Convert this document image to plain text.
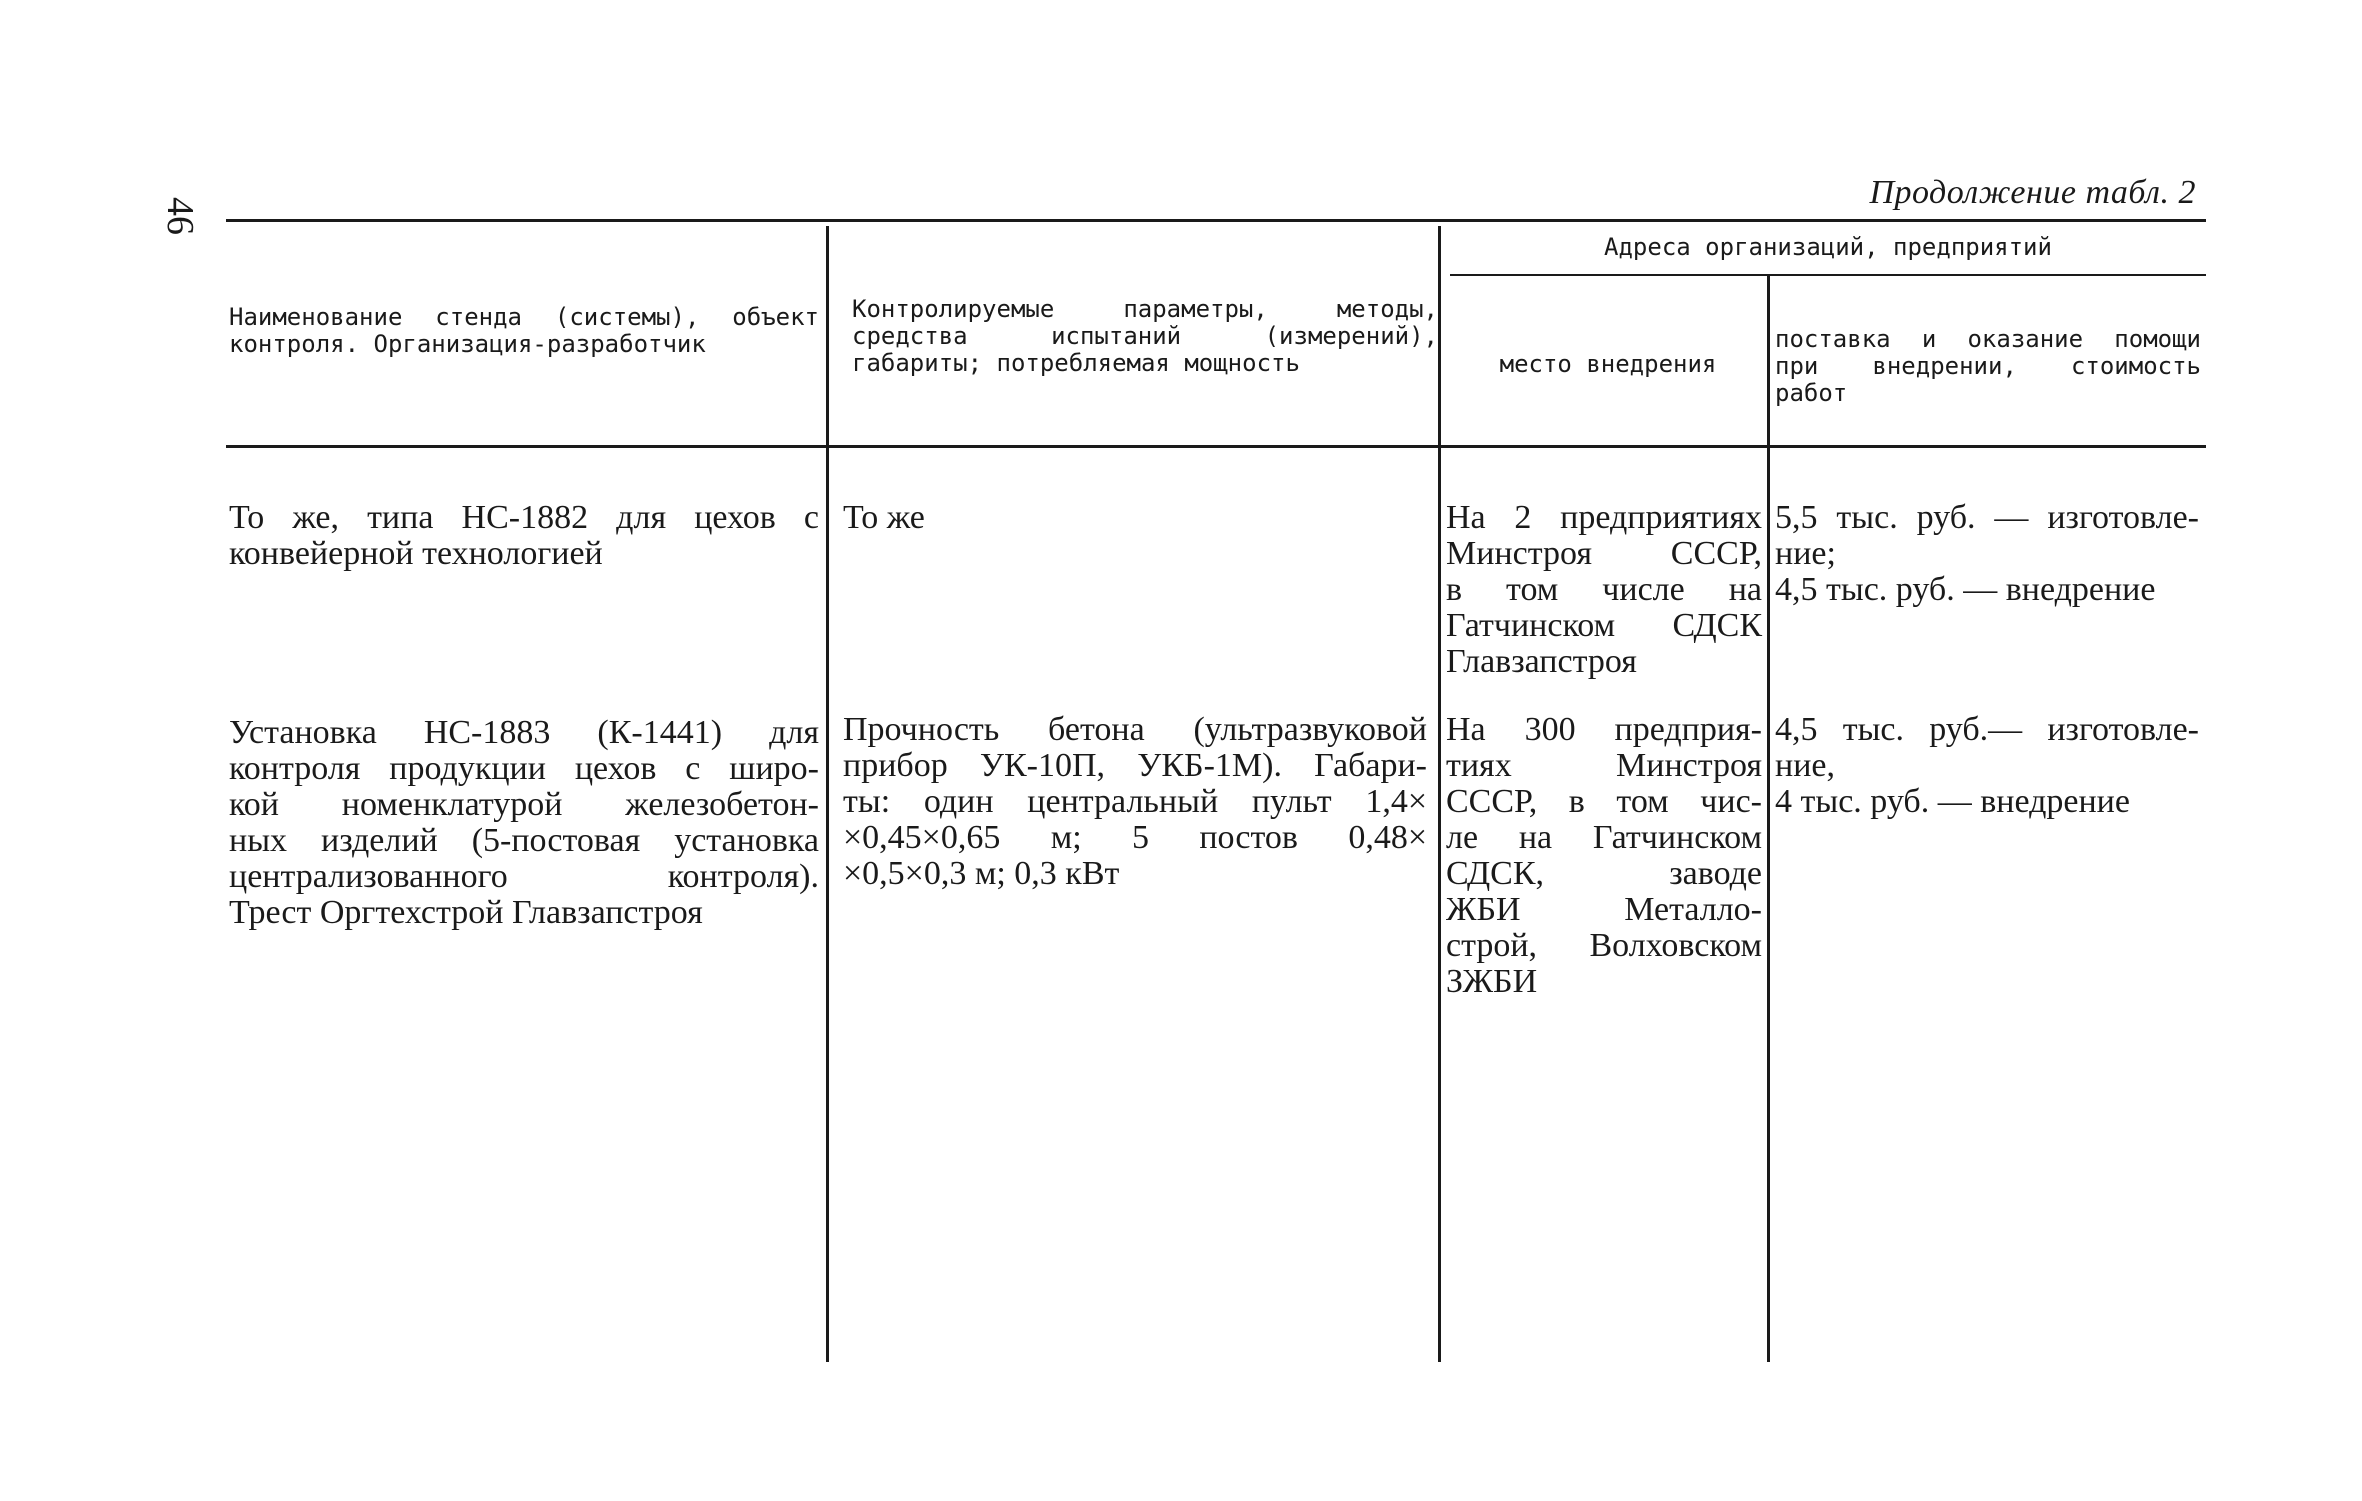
46
Продолжение табл. 2
Наименование стенда (системы), объект контроля. Организация-разработчик
Контролируемые параметры, методы, средства испытаний (измерений), габариты; потребляемая мощность
Адреса организаций, предприятий
место внедрения
поставка и оказание помощи при внедрении, стоимость работ
То же, типа НС-1882 для цехов с
конвейерной технологией
То же	На 2 предприятиях
Минстроя СССР,
в том числе на
Гатчинском СДСК
Главзапстроя
5,5 тыс. руб. — изготовле-
ние;
4,5 тыс. руб. — внедрение
Установка НС-1883 (К-1441) для
контроля продукции цехов с широ-
кой номенклатурой железобетон-
ных изделий (5-постовая установка
централизованного контроля).
Трест Оргтехстрой Главзапстроя
Прочность бетона (ультразвуковой
прибор УК-10П, УКБ-1М). Габари-
ты: один центральный пульт 1,4×
×0,45×0,65 м; 5 постов 0,48×
×0,5×0,3 м; 0,3 кВт
На 300 предприя-
тиях Минстроя
СССР, в том чис-
ле на Гатчинском
СДСК, заводе
ЖБИ Металло-
строй, Волховском
ЗЖБИ
4,5 тыс. руб.— изготовле-
ние,
4 тыс. руб. — внедрение
